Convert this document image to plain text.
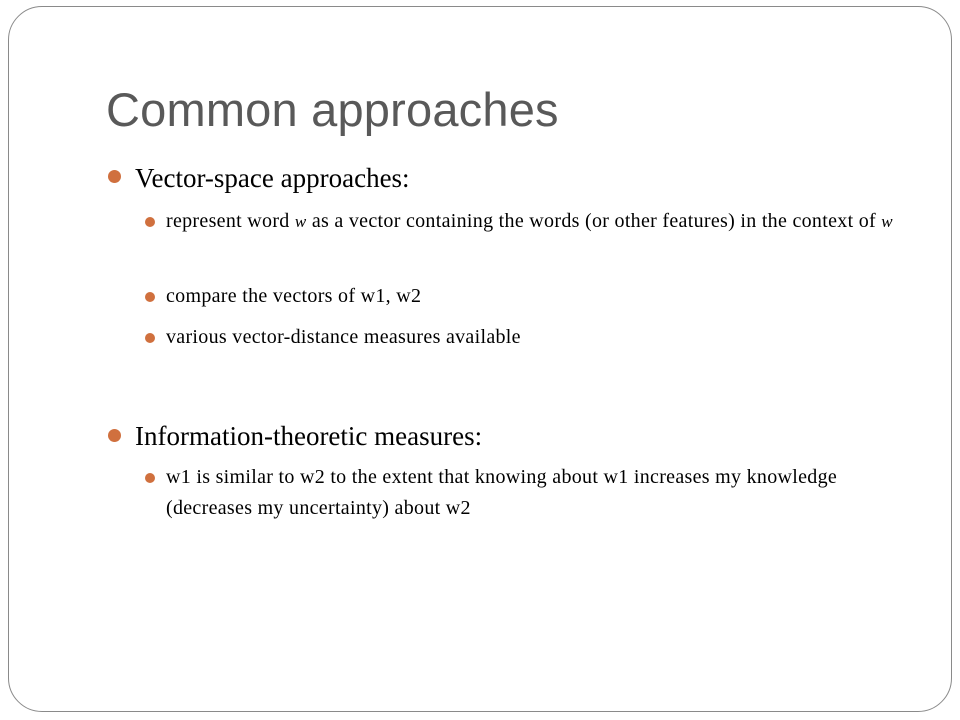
Common approaches
Vector-space approaches:
represent word w as a vector containing the words (or other features) in the context of w
compare the vectors of w1, w2
various vector-distance measures available
Information-theoretic measures:
w1 is similar to w2 to the extent that knowing about w1 increases my knowledge (decreases my uncertainty) about w2
